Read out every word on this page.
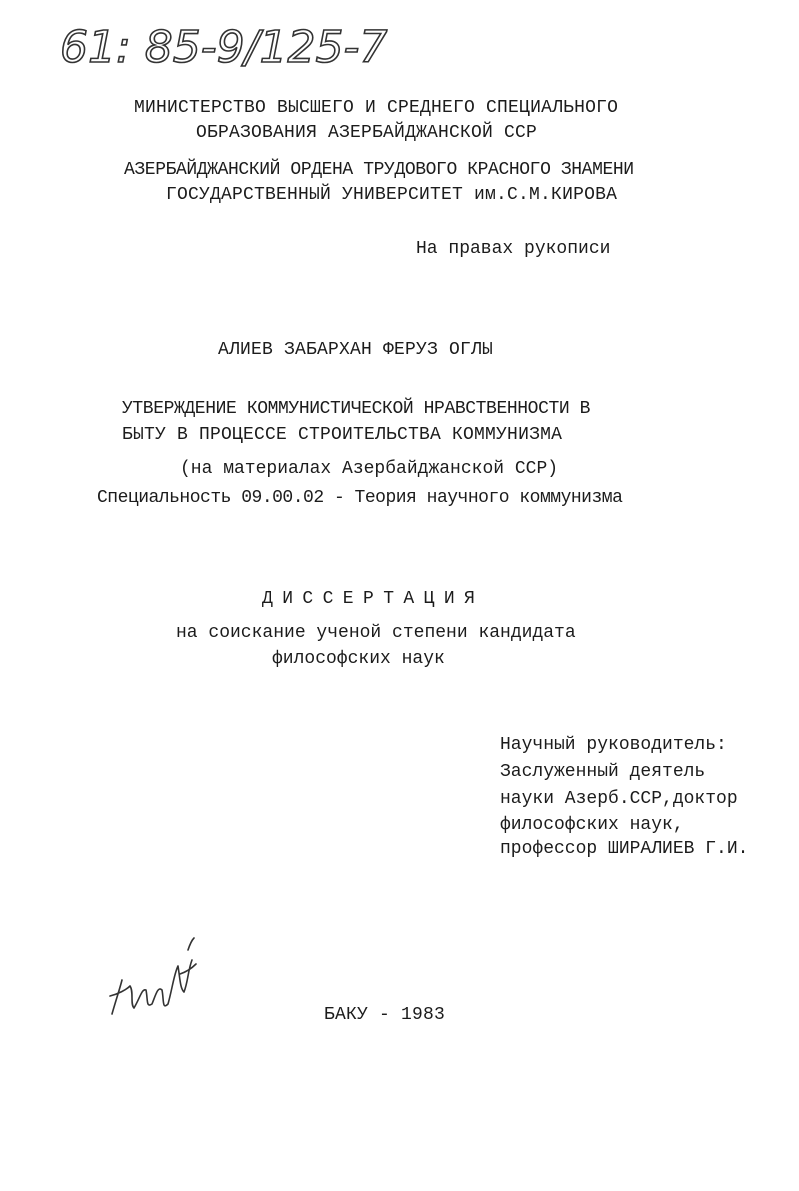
61: 85-9/125-7
МИНИСТЕРСТВО ВЫСШЕГО И СРЕДНЕГО СПЕЦИАЛЬНОГО
ОБРАЗОВАНИЯ АЗЕРБАЙДЖАНСКОЙ ССР
АЗЕРБАЙДЖАНСКИЙ ОРДЕНА ТРУДОВОГО КРАСНОГО ЗНАМЕНИ
ГОСУДАРСТВЕННЫЙ УНИВЕРСИТЕТ им.С.М.КИРОВА
На правах рукописи
АЛИЕВ ЗАБАРХАН ФЕРУЗ ОГЛЫ
УТВЕРЖДЕНИЕ КОММУНИСТИЧЕСКОЙ НРАВСТВЕННОСТИ В
БЫТУ В ПРОЦЕССЕ СТРОИТЕЛЬСТВА КОММУНИЗМА
(на материалах Азербайджанской ССР)
Специальность 09.00.02 - Теория научного коммунизма
ДИССЕРТАЦИЯ
на соискание ученой степени кандидата
философских наук
Научный руководитель:
Заслуженный деятель
науки Азерб.ССР,доктор
философских наук,
профессор ШИРАЛИЕВ Г.И.
БАКУ - 1983
